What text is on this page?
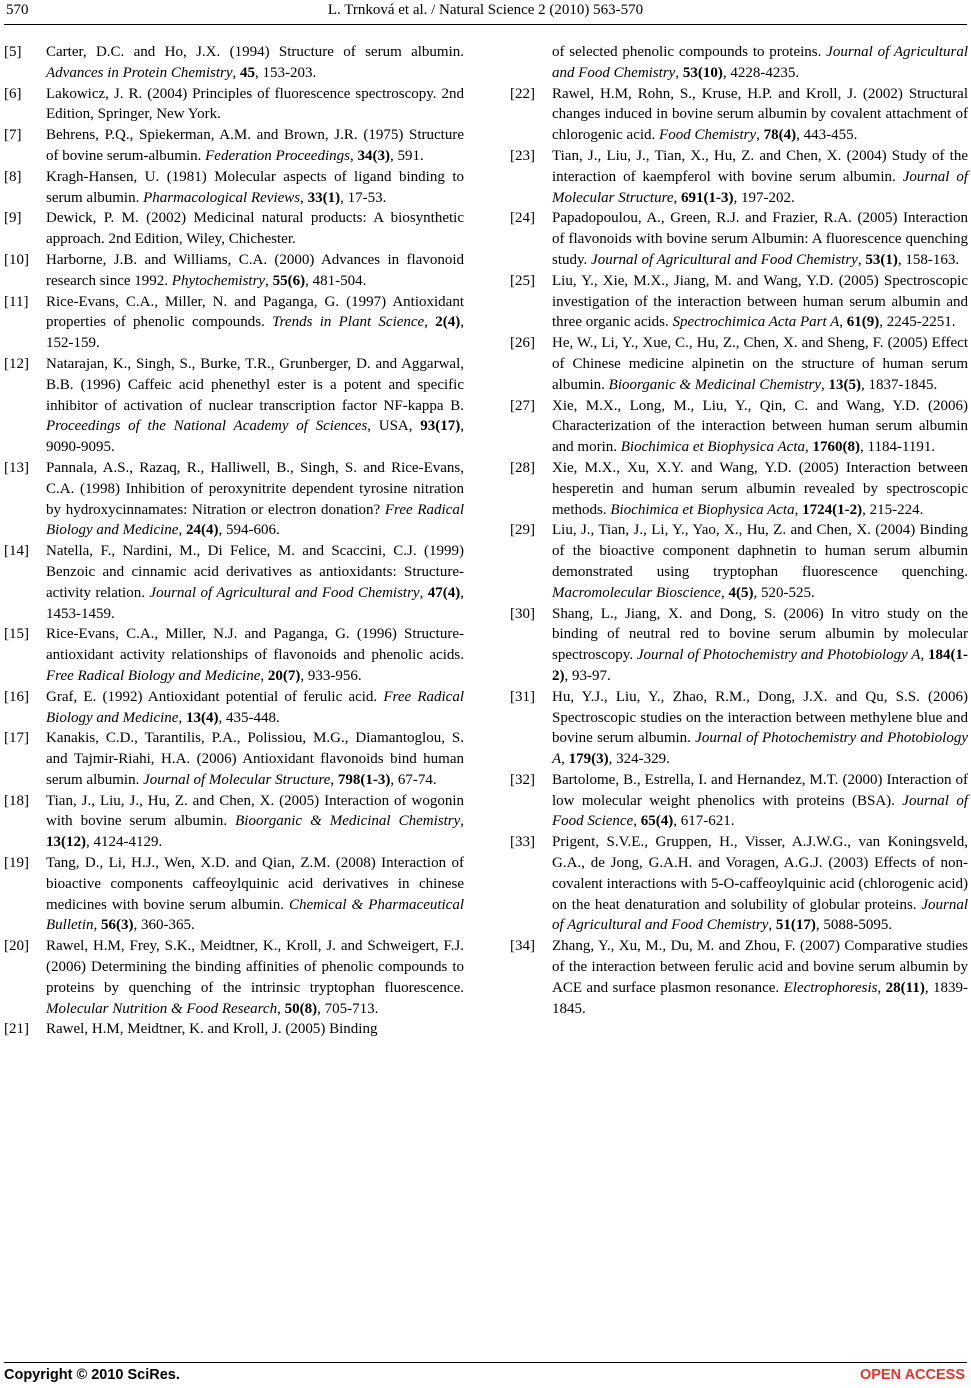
570	L. Trnková et al. / Natural Science 2 (2010) 563-570

[5] Carter, D.C. and Ho, J.X. (1994) Structure of serum albumin. Advances in Protein Chemistry, 45, 153-203.

[6] Lakowicz, J. R. (2004) Principles of fluorescence spectroscopy. 2nd Edition, Springer, New York.

[7] Behrens, P.Q., Spiekerman, A.M. and Brown, J.R. (1975) Structure of bovine serum-albumin. Federation Proceedings, 34(3), 591.

[8] Kragh-Hansen, U. (1981) Molecular aspects of ligand binding to serum albumin. Pharmacological Reviews, 33(1), 17-53.

[9] Dewick, P. M. (2002) Medicinal natural products: A biosynthetic approach. 2nd Edition, Wiley, Chichester.

[10] Harborne, J.B. and Williams, C.A. (2000) Advances in flavonoid research since 1992. Phytochemistry, 55(6), 481-504.

[11] Rice-Evans, C.A., Miller, N. and Paganga, G. (1997) Antioxidant properties of phenolic compounds. Trends in Plant Science, 2(4), 152-159.

[12] Natarajan, K., Singh, S., Burke, T.R., Grunberger, D. and Aggarwal, B.B. (1996) Caffeic acid phenethyl ester is a potent and specific inhibitor of activation of nuclear transcription factor NF-kappa B. Proceedings of the National Academy of Sciences, USA, 93(17), 9090-9095.

[13] Pannala, A.S., Razaq, R., Halliwell, B., Singh, S. and Rice-Evans, C.A. (1998) Inhibition of peroxynitrite dependent tyrosine nitration by hydroxycinnamates: Nitration or electron donation? Free Radical Biology and Medicine, 24(4), 594-606.

[14] Natella, F., Nardini, M., Di Felice, M. and Scaccini, C.J. (1999) Benzoic and cinnamic acid derivatives as antioxidants: Structure-activity relation. Journal of Agricultural and Food Chemistry, 47(4), 1453-1459.

[15] Rice-Evans, C.A., Miller, N.J. and Paganga, G. (1996) Structure-antioxidant activity relationships of flavonoids and phenolic acids. Free Radical Biology and Medicine, 20(7), 933-956.

[16] Graf, E. (1992) Antioxidant potential of ferulic acid. Free Radical Biology and Medicine, 13(4), 435-448.

[17] Kanakis, C.D., Tarantilis, P.A., Polissiou, M.G., Diamantoglou, S. and Tajmir-Riahi, H.A. (2006) Antioxidant flavonoids bind human serum albumin. Journal of Molecular Structure, 798(1-3), 67-74.

[18] Tian, J., Liu, J., Hu, Z. and Chen, X. (2005) Interaction of wogonin with bovine serum albumin. Bioorganic & Medicinal Chemistry, 13(12), 4124-4129.

[19] Tang, D., Li, H.J., Wen, X.D. and Qian, Z.M. (2008) Interaction of bioactive components caffeoylquinic acid derivatives in chinese medicines with bovine serum albumin. Chemical & Pharmaceutical Bulletin, 56(3), 360-365.

[20] Rawel, H.M, Frey, S.K., Meidtner, K., Kroll, J. and Schweigert, F.J. (2006) Determining the binding affinities of phenolic compounds to proteins by quenching of the intrinsic tryptophan fluorescence. Molecular Nutrition & Food Research, 50(8), 705-713.

[21] Rawel, H.M, Meidtner, K. and Kroll, J. (2005) Binding

of selected phenolic compounds to proteins. Journal of Agricultural and Food Chemistry, 53(10), 4228-4235.

[22] Rawel, H.M, Rohn, S., Kruse, H.P. and Kroll, J. (2002) Structural changes induced in bovine serum albumin by covalent attachment of chlorogenic acid. Food Chemistry, 78(4), 443-455.

[23] Tian, J., Liu, J., Tian, X., Hu, Z. and Chen, X. (2004) Study of the interaction of kaempferol with bovine serum albumin. Journal of Molecular Structure, 691(1-3), 197-202.

[24] Papadopoulou, A., Green, R.J. and Frazier, R.A. (2005) Interaction of flavonoids with bovine serum Albumin: A fluorescence quenching study. Journal of Agricultural and Food Chemistry, 53(1), 158-163.

[25] Liu, Y., Xie, M.X., Jiang, M. and Wang, Y.D. (2005) Spectroscopic investigation of the interaction between human serum albumin and three organic acids. Spectrochimica Acta Part A, 61(9), 2245-2251.

[26] He, W., Li, Y., Xue, C., Hu, Z., Chen, X. and Sheng, F. (2005) Effect of Chinese medicine alpinetin on the structure of human serum albumin. Bioorganic & Medicinal Chemistry, 13(5), 1837-1845.

[27] Xie, M.X., Long, M., Liu, Y., Qin, C. and Wang, Y.D. (2006) Characterization of the interaction between human serum albumin and morin. Biochimica et Biophysica Acta, 1760(8), 1184-1191.

[28] Xie, M.X., Xu, X.Y. and Wang, Y.D. (2005) Interaction between hesperetin and human serum albumin revealed by spectroscopic methods. Biochimica et Biophysica Acta, 1724(1-2), 215-224.

[29] Liu, J., Tian, J., Li, Y., Yao, X., Hu, Z. and Chen, X. (2004) Binding of the bioactive component daphnetin to human serum albumin demonstrated using tryptophan fluorescence quenching. Macromolecular Bioscience, 4(5), 520-525.

[30] Shang, L., Jiang, X. and Dong, S. (2006) In vitro study on the binding of neutral red to bovine serum albumin by molecular spectroscopy. Journal of Photochemistry and Photobiology A, 184(1-2), 93-97.

[31] Hu, Y.J., Liu, Y., Zhao, R.M., Dong, J.X. and Qu, S.S. (2006) Spectroscopic studies on the interaction between methylene blue and bovine serum albumin. Journal of Photochemistry and Photobiology A, 179(3), 324-329.

[32] Bartolome, B., Estrella, I. and Hernandez, M.T. (2000) Interaction of low molecular weight phenolics with proteins (BSA). Journal of Food Science, 65(4), 617-621.

[33] Prigent, S.V.E., Gruppen, H., Visser, A.J.W.G., van Koningsveld, G.A., de Jong, G.A.H. and Voragen, A.G.J. (2003) Effects of non-covalent interactions with 5-O-caffeoylquinic acid (chlorogenic acid) on the heat denaturation and solubility of globular proteins. Journal of Agricultural and Food Chemistry, 51(17), 5088-5095.

[34] Zhang, Y., Xu, M., Du, M. and Zhou, F. (2007) Comparative studies of the interaction between ferulic acid and bovine serum albumin by ACE and surface plasmon resonance. Electrophoresis, 28(11), 1839-1845.

Copyright © 2010 SciRes.	OPEN ACCESS
